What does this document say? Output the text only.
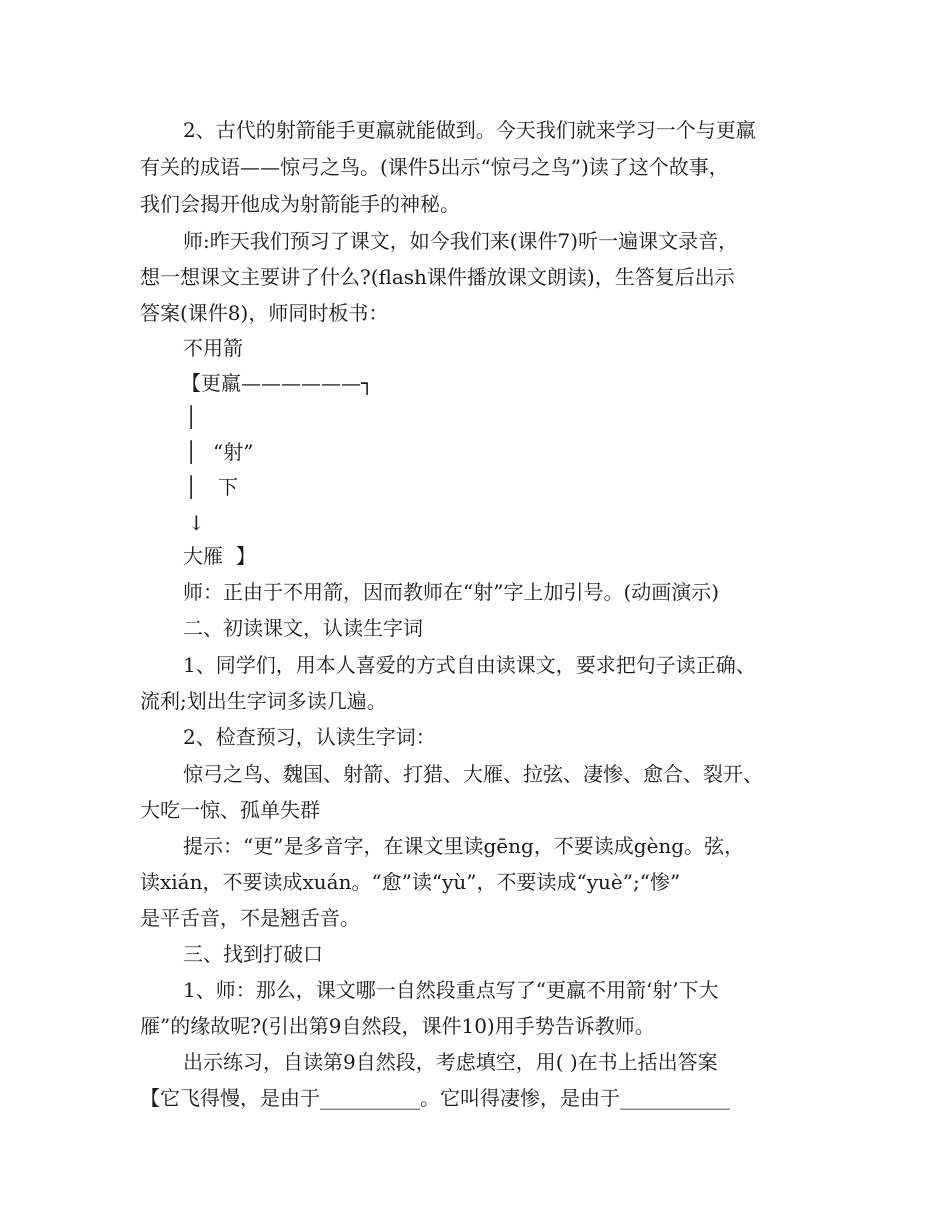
2、古代的射箭能手更羸就能做到。今天我们就来学习一个与更羸
有关的成语——惊弓之鸟。(课件5出示“惊弓之鸟”)读了这个故事，
我们会揭开他成为射箭能手的神秘。
师:昨天我们预习了课文，如今我们来(课件7)听一遍课文录音，
想一想课文主要讲了什么?(flash课件播放课文朗读)，生答复后出示
答案(课件8)，师同时板书：
不用箭
【更羸——————┐
│
│ “射”
│ 下
↓
大雁  】
师：正由于不用箭，因而教师在“射”字上加引号。(动画演示)
二、初读课文，认读生字词
1、同学们，用本人喜爱的方式自由读课文，要求把句子读正确、
流利;划出生字词多读几遍。
2、检查预习，认读生字词：
惊弓之鸟、魏国、射箭、打猎、大雁、拉弦、凄惨、愈合、裂开、
大吃一惊、孤单失群
提示：“更”是多音字，在课文里读gēng，不要读成gèng。弦，
读xián，不要读成xuán。“愈”读“yù”，不要读成“yuè”;“惨”
是平舌音，不是翘舌音。
三、找到打破口
1、师：那么，课文哪一自然段重点写了“更羸不用箭‘射’下大
雁”的缘故呢?(引出第9自然段，课件10)用手势告诉教师。
出示练习，自读第9自然段，考虑填空，用( )在书上括出答案
【它飞得慢，是由于__________。它叫得凄惨，是由于___________
